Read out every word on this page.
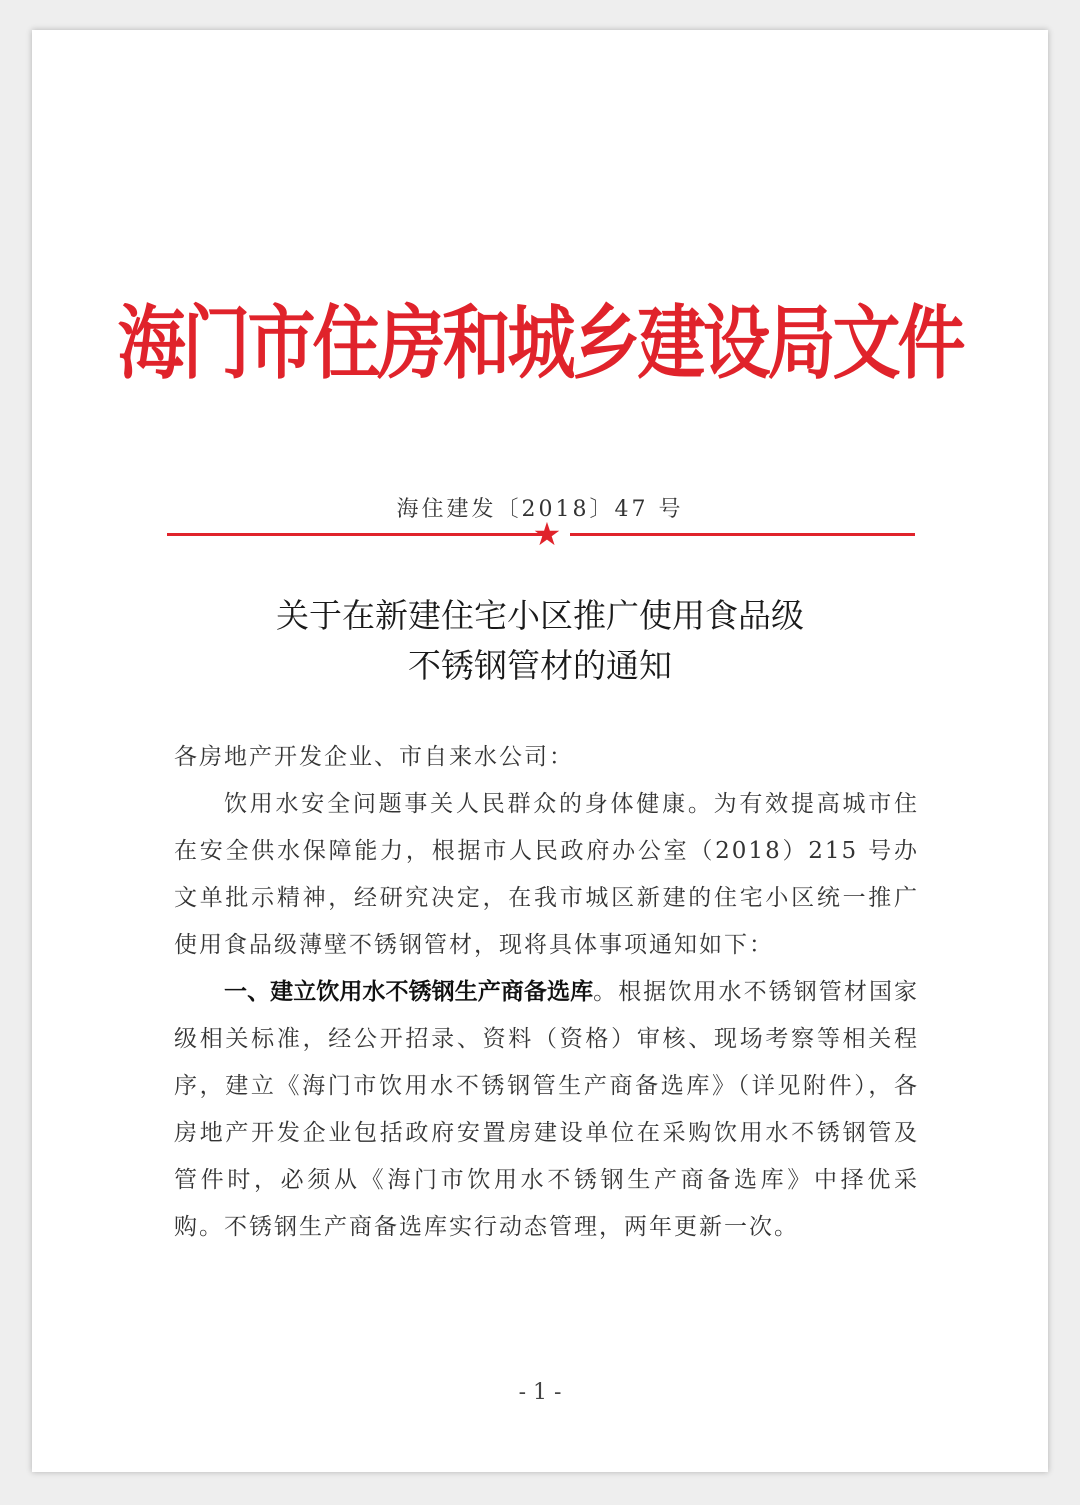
海门市住房和城乡建设局文件
海住建发〔2018〕47 号
★
关于在新建住宅小区推广使用食品级
不锈钢管材的通知
各房地产开发企业、市自来水公司：
饮用水安全问题事关人民群众的身体健康。为有效提高城市住在安全供水保障能力，根据市人民政府办公室（2018）215 号办文单批示精神，经研究决定，在我市城区新建的住宅小区统一推广使用食品级薄壁不锈钢管材，现将具体事项通知如下：
一、建立饮用水不锈钢生产商备选库。根据饮用水不锈钢管材国家级相关标准，经公开招录、资料（资格）审核、现场考察等相关程序，建立《海门市饮用水不锈钢管生产商备选库》（详见附件），各房地产开发企业包括政府安置房建设单位在采购饮用水不锈钢管及管件时，必须从《海门市饮用水不锈钢生产商备选库》中择优采购。不锈钢生产商备选库实行动态管理，两年更新一次。
- 1 -
